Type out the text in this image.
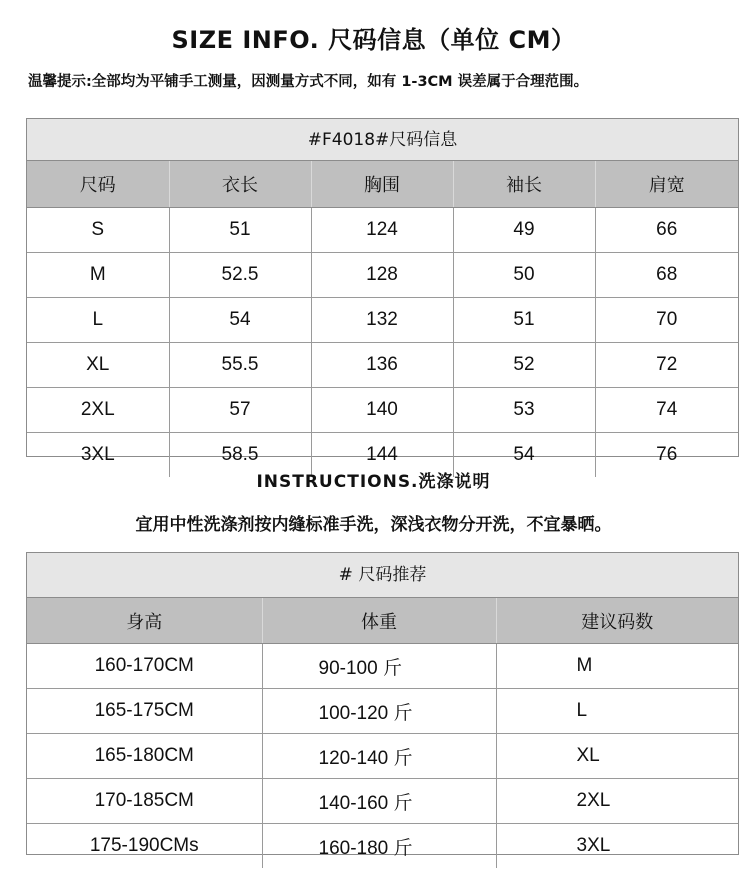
SIZE INFO. 尺码信息（单位 CM）
温馨提示:全部均为平铺手工测量，因测量方式不同，如有 1-3CM 误差属于合理范围。
#F4018#尺码信息
尺码	衣长	胸围	袖长	肩宽
S	51	124	49	66
M	52.5	128	50	68
L	54	132	51	70
XL	55.5	136	52	72
2XL	57	140	53	74
3XL	58.5	144	54	76
INSTRUCTIONS.洗涤说明
宜用中性洗涤剂按内缝标准手洗，深浅衣物分开洗，不宜暴晒。
# 尺码推荐
身高	体重	建议码数
160-170CM	90-100 斤	M
165-175CM	100-120 斤	L
165-180CM	120-140 斤	XL
170-185CM	140-160 斤	2XL
175-190CMs	160-180 斤	3XL
